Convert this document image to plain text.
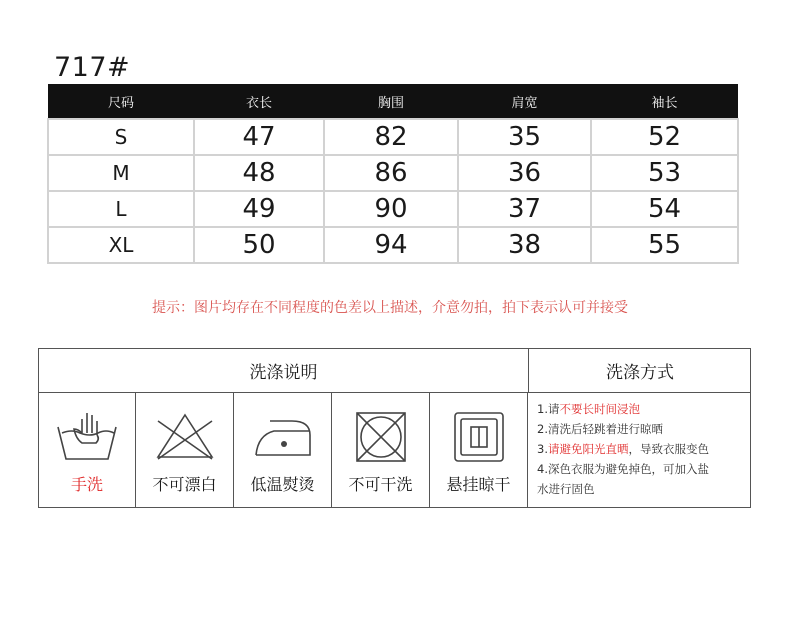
717#
尺码	衣长	胸围	肩宽	袖长
S	47	82	35	52
M	48	86	36	53
L	49	90	37	54
XL	50	94	38	55
提示：图片均存在不同程度的色差以上描述，介意勿拍，拍下表示认可并接受
洗涤说明	洗涤方式
手洗	不可漂白	低温熨烫	不可干洗	悬挂晾干
1.请不要长时间浸泡
2.清洗后轻跳着进行晾晒
3.请避免阳光直晒，导致衣服变色
4.深色衣服为避免掉色，可加入盐
水进行固色
